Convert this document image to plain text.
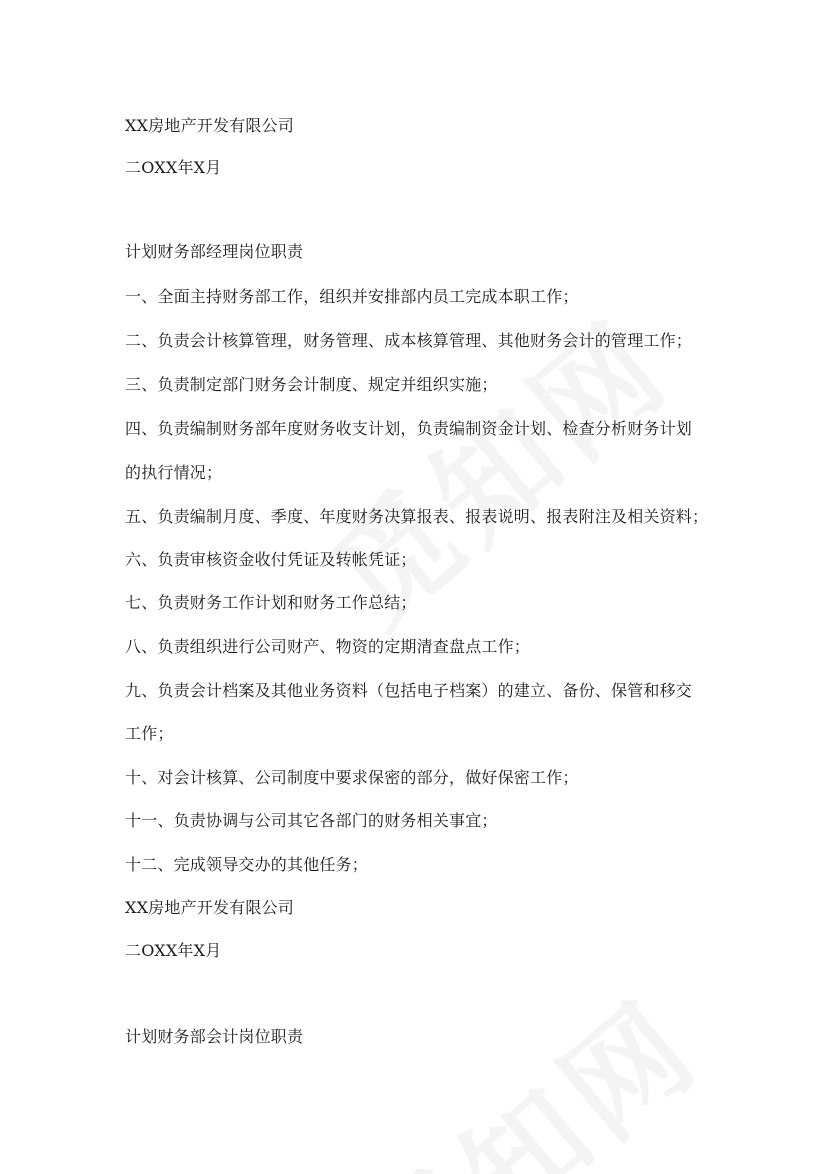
XX房地产开发有限公司
二OXX年X月
计划财务部经理岗位职责
一、全面主持财务部工作，组织并安排部内员工完成本职工作；
二、负责会计核算管理，财务管理、成本核算管理、其他财务会计的管理工作；
三、负责制定部门财务会计制度、规定并组织实施；
四、负责编制财务部年度财务收支计划，负责编制资金计划、检查分析财务计划
的执行情况；
五、负责编制月度、季度、年度财务决算报表、报表说明、报表附注及相关资料；
六、负责审核资金收付凭证及转帐凭证；
七、负责财务工作计划和财务工作总结；
八、负责组织进行公司财产、物资的定期清查盘点工作；
九、负责会计档案及其他业务资料（包括电子档案）的建立、备份、保管和移交
工作；
十、对会计核算、公司制度中要求保密的部分，做好保密工作；
十一、负责协调与公司其它各部门的财务相关事宜；
十二、完成领导交办的其他任务；
XX房地产开发有限公司
二OXX年X月
计划财务部会计岗位职责
